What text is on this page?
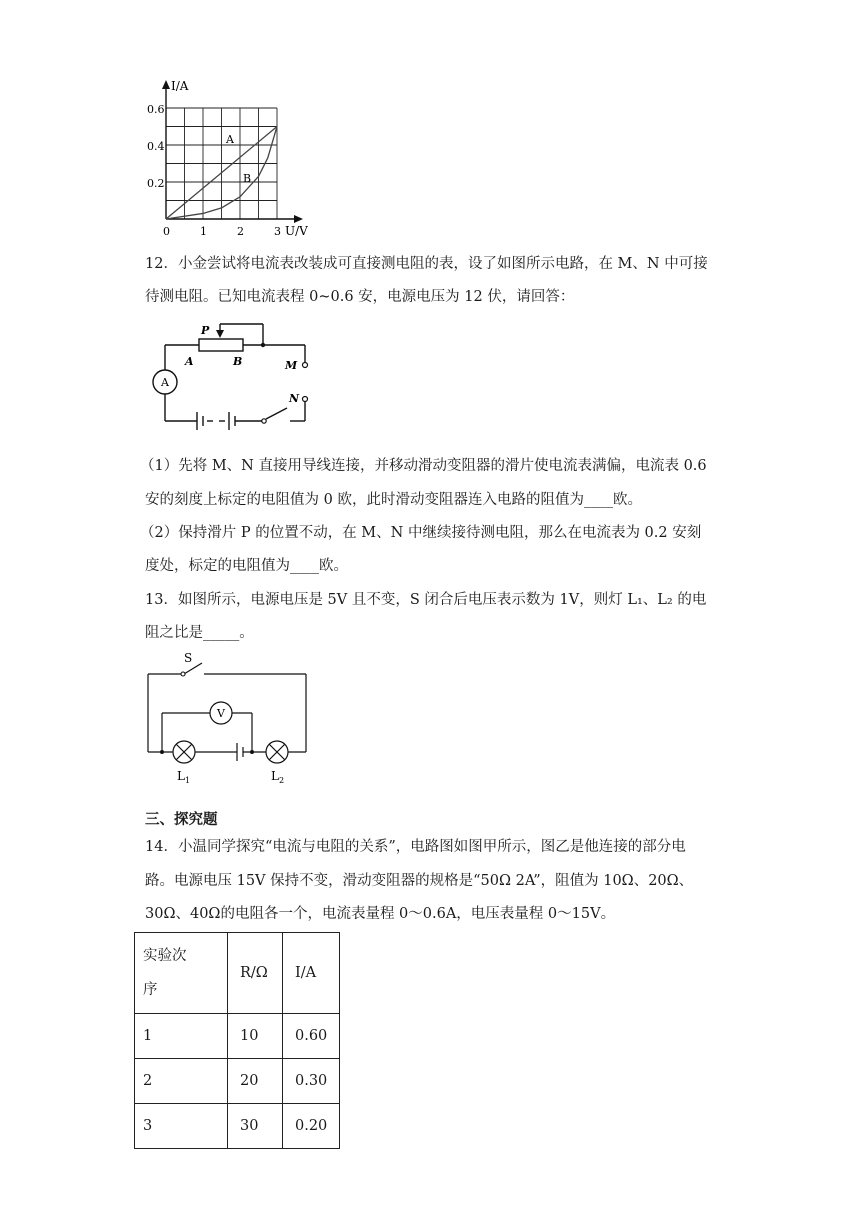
I/A
U/V
0.6
0.4
0.2
0	1	2	3
A
B
12．小金尝试将电流表改装成可直接测电阻的表，设了如图所示电路，在 M、N 中可接
待测电阻。已知电流表程 0~0.6 安，电源电压为 12 伏，请回答：
P
A	B	M
N
A
（1）先将 M、N 直接用导线连接，并移动滑动变阻器的滑片使电流表满偏，电流表 0.6
安的刻度上标定的电阻值为 0 欧，此时滑动变阻器连入电路的阻值为____欧。
（2）保持滑片 P 的位置不动，在 M、N 中继续接待测电阻，那么在电流表为 0.2 安刻
度处，标定的电阻值为____欧。
13．如图所示，电源电压是 5V 且不变，S 闭合后电压表示数为 1V，则灯 L₁、L₂ 的电
阻之比是_____。
S
V
$L_1$	$L_2$
三、探究题
14．小温同学探究“电流与电阻的关系”，电路图如图甲所示，图乙是他连接的部分电
路。电源电压 15V 保持不变，滑动变阻器的规格是“50Ω 2A”，阻值为 10Ω、20Ω、
30Ω、40Ω的电阻各一个，电流表量程 0～0.6A，电压表量程 0～15V。
实验次
序	R/Ω	I/A
1	10	0.60
2	20	0.30
3	30	0.20
